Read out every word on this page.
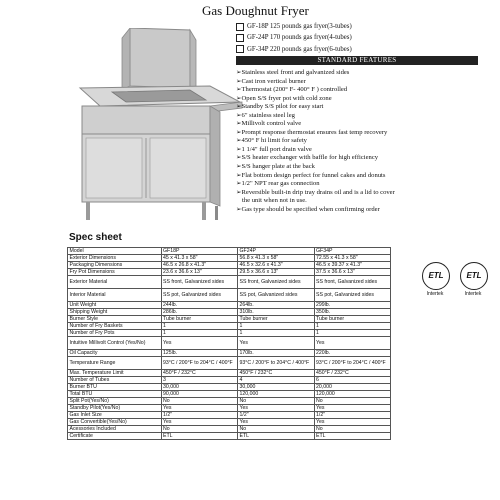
Gas Doughnut Fryer
GF-18P 125 pounds gas fryer(3-tubes)
GF-24P 170 pounds gas fryer(4-tubes)
GF-34P 220 pounds gas fryer(6-tubes)
STANDARD FEATURES
➢Stainless steel front and galvanized sides
➢Cast iron vertical burner
➢Thermostat (200° F- 400° F ) controlled
➢Open S/S fryer pot with cold zone
➢Standby S/S pilot for easy start
➢6" stainless steel leg
➢Millivolt control valve
➢Prompt response thermostat ensures fast temp recovery
➢450° F hi limit for safety
➢1 1/4" full port drain valve
➢S/S heater exchanger with baffle for high efficiency
➢S/S hanger plate at the back
➢Flat bottom design perfect for funnel cakes and donuts
➢1/2" NPT rear gas connection
➢Reversible built-in drip tray drains oil and is a lid to cover
the unit when not in use.
➢Gas type should be specified when confirming order
Spec sheet
Model	GF18P	GF24P	GF34P
Exterior Dimensions	45 x 41.3 x 58"	56.8 x 41.3 x 58"	72.55 x 41.3 x 58"
Packaging Dimensions	46.5 x 26.8 x 41.3"	46.5 x 32.6 x 41.3"	46.5 x 39.37 x 41.3"
Fry Pot Dimensions	23.6 x 36.6 x 13"	29.5 x 36.6 x 13"	37.5 x 36.6 x 13"
Exterior Material	SS front, Galvanized sides	SS front, Galvanized sides	SS front, Galvanized sides
Interior Material	SS pot, Galvanized sides	SS pot, Galvanized sides	SS pot, Galvanized sides
Unit Weight	244lb.	264lb.	299lb.
Shipping Weight	286lb.	310lb.	350lb.
Burner Style	Tube burner	Tube burner	Tube burner
Number of Fry Baskets	1	1	1
Number of Fry Pots	1	1	1
Intuitive Millivolt Control (Yes/No)	Yes	Yes	Yes
Oil Capacity	125lb.	170lb.	220lb.
Temperature Range	93°C / 200°F to 204°C / 400°F	93°C / 200°F to 204°C / 400°F	93°C / 200°F to 204°C / 400°F
Max. Temperature Limit	450°F / 232°C	450°F / 232°C	450°F / 232°C
Number of Tubes	3	4	6
Burner BTU	30,000	30,000	20,000
Total BTU	90,000	120,000	120,000
Split Pot(Yes/No)	No	No	No
Standby Pilot(Yes/No)	Yes	Yes	Yes
Gas Inlet Size	1/2"	1/2"	1/2"
Gas Convertible(Yes/No)	Yes	Yes	Yes
Acessories Included	No	No	No
Certificate	ETL	ETL	ETL
ETL
Intertek
ETL
Intertek
